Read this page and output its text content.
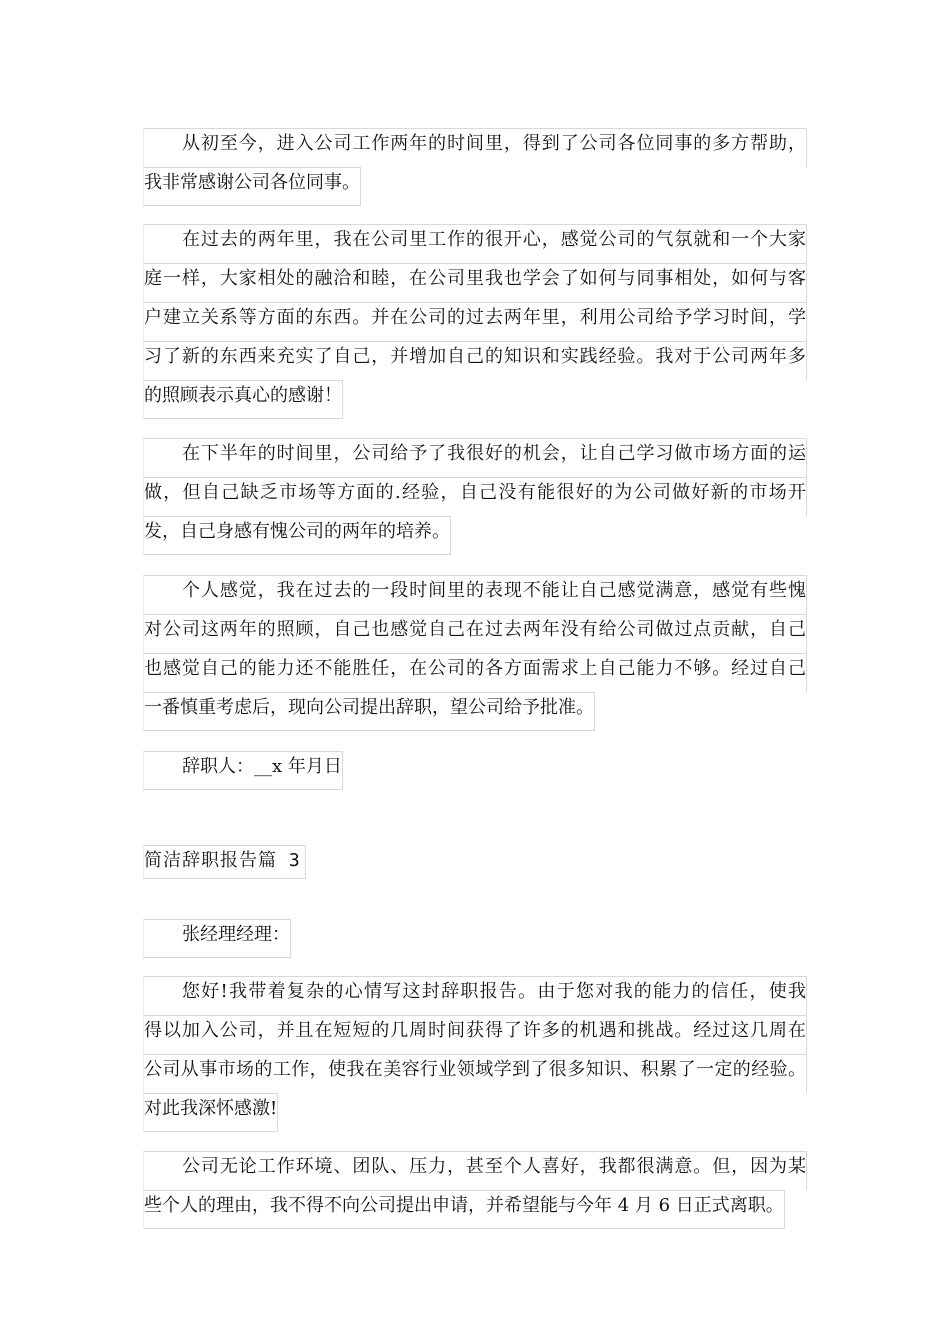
从初至今，进入公司工作两年的时间里，得到了公司各位同事的多方帮助，
我非常感谢公司各位同事。
在过去的两年里，我在公司里工作的很开心，感觉公司的气氛就和一个大家
庭一样，大家相处的融洽和睦，在公司里我也学会了如何与同事相处，如何与客
户建立关系等方面的东西。并在公司的过去两年里，利用公司给予学习时间，学
习了新的东西来充实了自己，并增加自己的知识和实践经验。我对于公司两年多
的照顾表示真心的感谢！
在下半年的时间里，公司给予了我很好的机会，让自己学习做市场方面的运
做，但自己缺乏市场等方面的.经验，自己没有能很好的为公司做好新的市场开
发，自己身感有愧公司的两年的培养。
个人感觉，我在过去的一段时间里的表现不能让自己感觉满意，感觉有些愧
对公司这两年的照顾，自己也感觉自己在过去两年没有给公司做过点贡献，自己
也感觉自己的能力还不能胜任，在公司的各方面需求上自己能力不够。经过自己
一番慎重考虑后，现向公司提出辞职，望公司给予批准。
辞职人：__x 年月日
简洁辞职报告篇 3
张经理经理：
您好!我带着复杂的心情写这封辞职报告。由于您对我的能力的信任，使我
得以加入公司，并且在短短的几周时间获得了许多的机遇和挑战。经过这几周在
公司从事市场的工作，使我在美容行业领域学到了很多知识、积累了一定的经验。
对此我深怀感激!
公司无论工作环境、团队、压力，甚至个人喜好，我都很满意。但，因为某
些个人的理由，我不得不向公司提出申请，并希望能与今年 4 月 6 日正式离职。
